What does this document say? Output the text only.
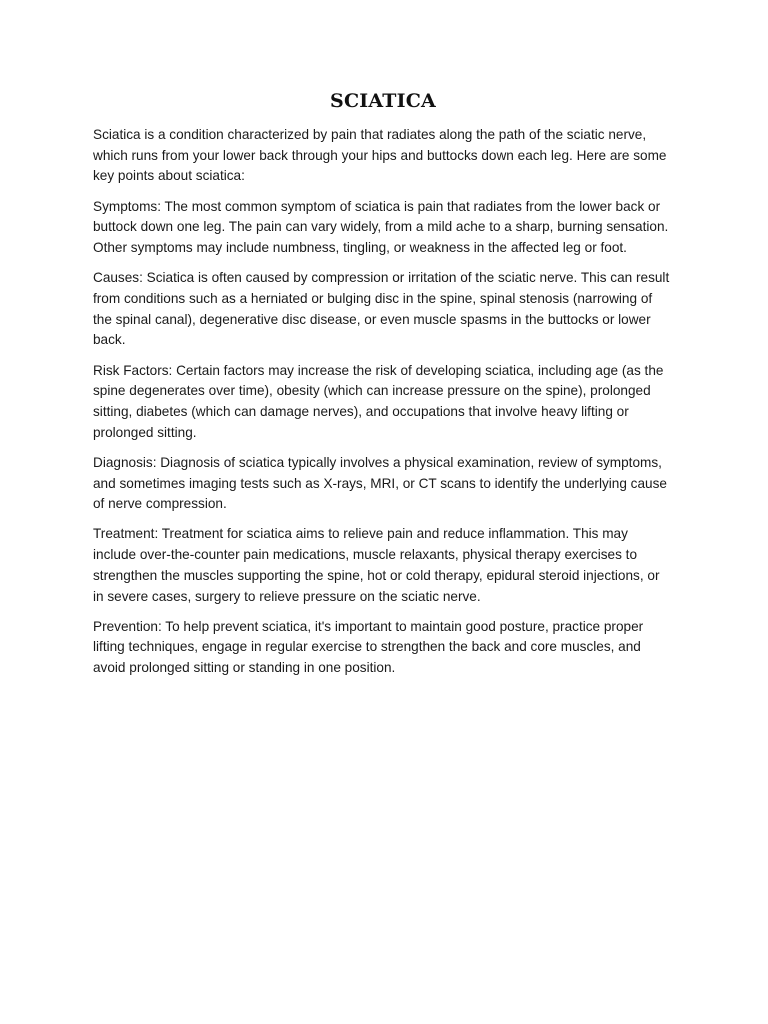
SCIATICA

Sciatica is a condition characterized by pain that radiates along the path of the sciatic nerve, which runs from your lower back through your hips and buttocks down each leg. Here are some key points about sciatica:

Symptoms: The most common symptom of sciatica is pain that radiates from the lower back or buttock down one leg. The pain can vary widely, from a mild ache to a sharp, burning sensation. Other symptoms may include numbness, tingling, or weakness in the affected leg or foot.

Causes: Sciatica is often caused by compression or irritation of the sciatic nerve. This can result from conditions such as a herniated or bulging disc in the spine, spinal stenosis (narrowing of the spinal canal), degenerative disc disease, or even muscle spasms in the buttocks or lower back.

Risk Factors: Certain factors may increase the risk of developing sciatica, including age (as the spine degenerates over time), obesity (which can increase pressure on the spine), prolonged sitting, diabetes (which can damage nerves), and occupations that involve heavy lifting or prolonged sitting.

Diagnosis: Diagnosis of sciatica typically involves a physical examination, review of symptoms, and sometimes imaging tests such as X-rays, MRI, or CT scans to identify the underlying cause of nerve compression.

Treatment: Treatment for sciatica aims to relieve pain and reduce inflammation. This may include over-the-counter pain medications, muscle relaxants, physical therapy exercises to strengthen the muscles supporting the spine, hot or cold therapy, epidural steroid injections, or in severe cases, surgery to relieve pressure on the sciatic nerve.

Prevention: To help prevent sciatica, it's important to maintain good posture, practice proper lifting techniques, engage in regular exercise to strengthen the back and core muscles, and avoid prolonged sitting or standing in one position.
